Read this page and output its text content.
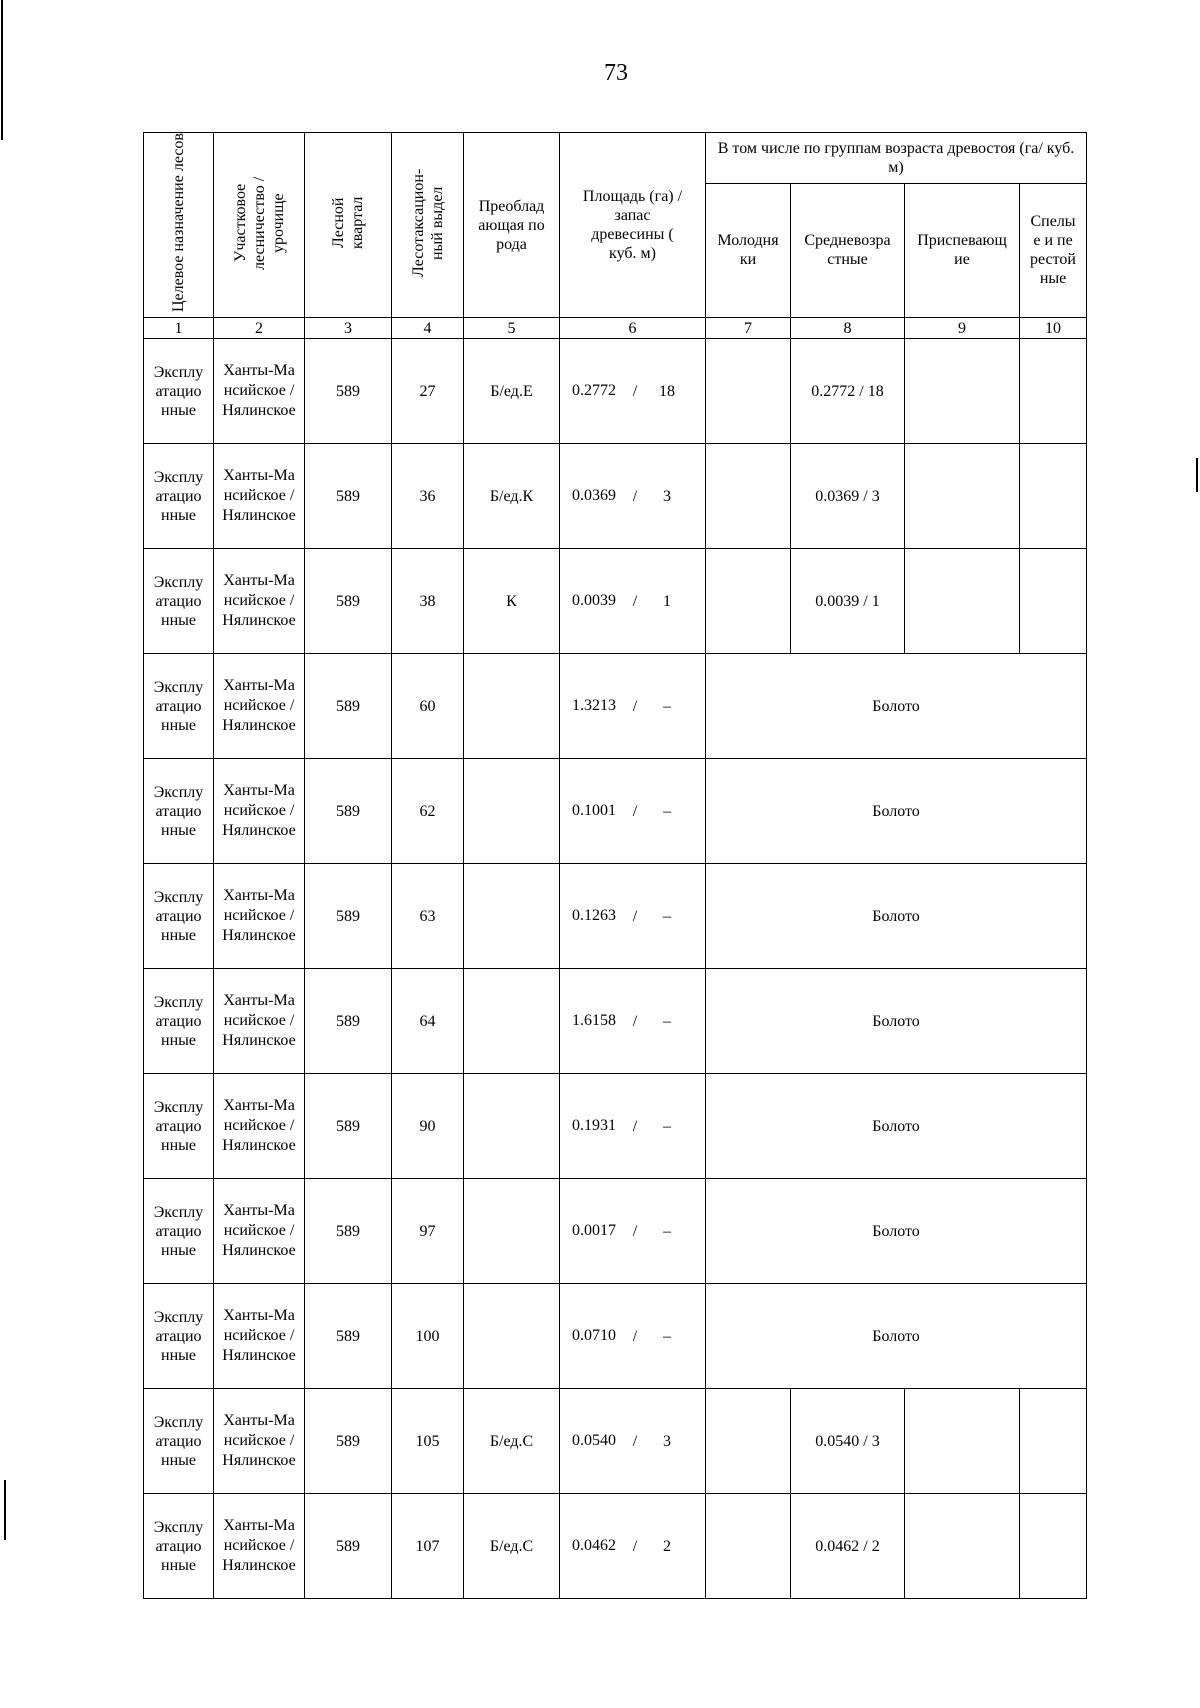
73
Целевое назначение лесов	Участковое лесничество / урочище	Лесной квартал	Лесотаксацион-ный выдел	Преобладающая порода	Площадь (га) / запас древесины ( куб. м)	В том числе по группам возраста древостоя (га/ куб. м)			

						Молодняки	Средневозрастные	Приспевающие	Спелые и перестойные

1	2	3	4	5	6	7	8	9	10

Эксплуатационные	Ханты-Мансийское / Нялинское	589	27	Б/ед.Е	0.2772 / 18		0.2772 / 18		

Эксплуатационные	Ханты-Мансийское / Нялинское	589	36	Б/ед.К	0.0369 / 3		0.0369 / 3		

Эксплуатационные	Ханты-Мансийское / Нялинское	589	38	К	0.0039 / 1		0.0039 / 1		

Эксплуатационные	Ханты-Мансийское / Нялинское	589	60		1.3213 / –	Болото			

Эксплуатационные	Ханты-Мансийское / Нялинское	589	62		0.1001 / –	Болото			

Эксплуатационные	Ханты-Мансийское / Нялинское	589	63		0.1263 / –	Болото			

Эксплуатационные	Ханты-Мансийское / Нялинское	589	64		1.6158 / –	Болото			

Эксплуатационные	Ханты-Мансийское / Нялинское	589	90		0.1931 / –	Болото			

Эксплуатационные	Ханты-Мансийское / Нялинское	589	97		0.0017 / –	Болото			

Эксплуатационные	Ханты-Мансийское / Нялинское	589	100		0.0710 / –	Болото			

Эксплуатационные	Ханты-Мансийское / Нялинское	589	105	Б/ед.С	0.0540 / 3		0.0540 / 3		

Эксплуатационные	Ханты-Мансийское / Нялинское	589	107	Б/ед.С	0.0462 / 2		0.0462 / 2		
